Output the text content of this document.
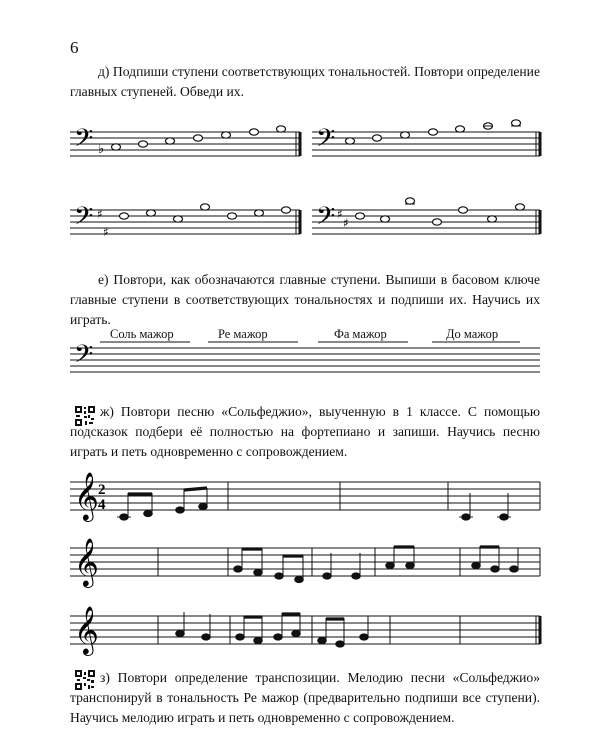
6

д) Подпиши ступени соответствующих тональностей. Повтори определение главных ступеней. Обведи их.

𝄢 ♭	𝄢
𝄢 ♯
♯	𝄢 ♯
♯

е) Повтори, как обозначаются главные ступени. Выпиши в басовом ключе главные ступени в соответствующих тональностях и подпиши их. Научись их играть.

Соль мажор	Ре мажор	Фа мажор	До мажор
𝄢

ж) Повтори песню «Сольфеджио», выученную в 1 классе. С помощью подсказок подбери её полностью на фортепиано и запиши. Научись песню играть и петь одновременно с сопровождением.

𝄞 2
4
𝄞
𝄞

з) Повтори определение транспозиции. Мелодию песни «Сольфеджио» транспонируй в тональность Ре мажор (предварительно подпиши все ступени). Научись мелодию играть и петь одновременно с сопровождением.
